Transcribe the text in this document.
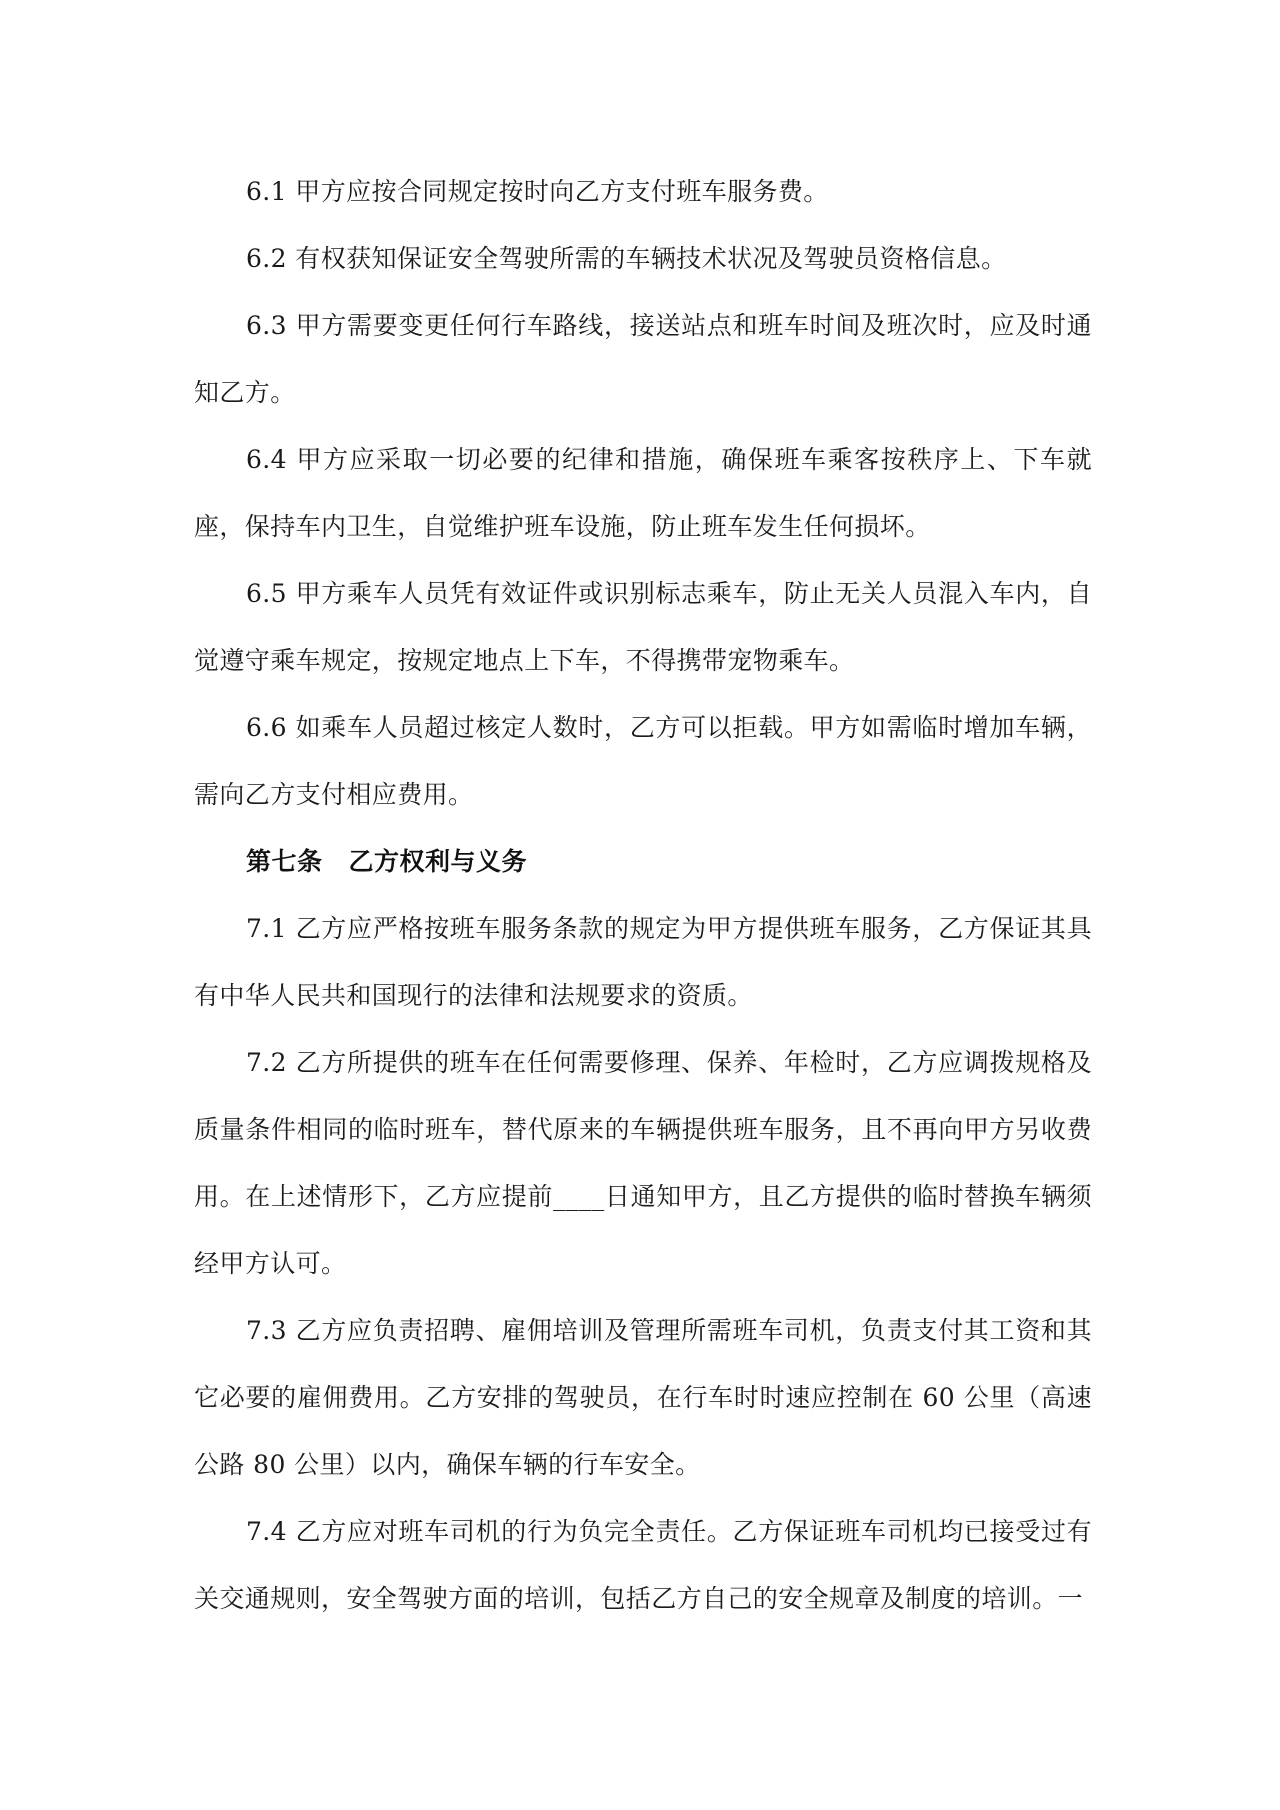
6.1 甲方应按合同规定按时向乙方支付班车服务费。

6.2 有权获知保证安全驾驶所需的车辆技术状况及驾驶员资格信息。

6.3 甲方需要变更任何行车路线，接送站点和班车时间及班次时，应及时通知乙方。

6.4 甲方应采取一切必要的纪律和措施，确保班车乘客按秩序上、下车就座，保持车内卫生，自觉维护班车设施，防止班车发生任何损坏。

6.5 甲方乘车人员凭有效证件或识别标志乘车，防止无关人员混入车内，自觉遵守乘车规定，按规定地点上下车，不得携带宠物乘车。

6.6 如乘车人员超过核定人数时，乙方可以拒载。甲方如需临时增加车辆，需向乙方支付相应费用。

第七条 乙方权利与义务

7.1 乙方应严格按班车服务条款的规定为甲方提供班车服务，乙方保证其具有中华人民共和国现行的法律和法规要求的资质。

7.2 乙方所提供的班车在任何需要修理、保养、年检时，乙方应调拨规格及质量条件相同的临时班车，替代原来的车辆提供班车服务，且不再向甲方另收费用。在上述情形下，乙方应提前____日通知甲方，且乙方提供的临时替换车辆须经甲方认可。

7.3 乙方应负责招聘、雇佣培训及管理所需班车司机，负责支付其工资和其它必要的雇佣费用。乙方安排的驾驶员，在行车时时速应控制在 60 公里（高速公路 80 公里）以内，确保车辆的行车安全。

7.4 乙方应对班车司机的行为负完全责任。乙方保证班车司机均已接受过有关交通规则，安全驾驶方面的培训，包括乙方自己的安全规章及制度的培训。一
